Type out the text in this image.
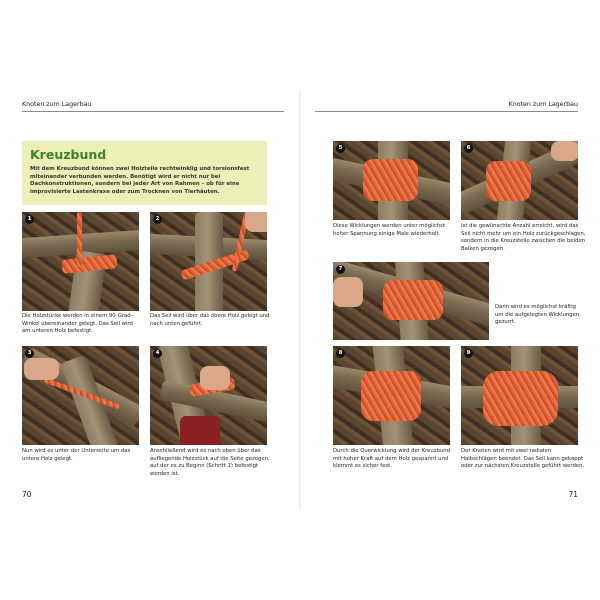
Knoten zum Lagerbau
Kreuzbund
Mit dem Kreuzbund können zwei Holzteile rechtwinklig und torsionsfest miteinander verbunden werden. Benötigt wird er nicht nur bei Dachkonstruktionen, sondern bei jeder Art von Rahmen – ob für eine improvisierte Lastenkraxe oder zum Trocknen von Tierhäuten.
1
Die Holzstücke werden in einem 90-Grad-Winkel übereinander gelegt. Das Seil wird am unteren Holz befestigt.
2
Das Seil wird über das obere Holz gelegt und nach unten geführt.
3
Nun wird es unter der Unterseite um das untere Holz gelegt.
4
Anschließend wird es nach oben über das aufliegende Holzstück auf die Seite gezogen, auf der es zu Beginn (Schritt 1) befestigt worden ist.
70
Knoten zum Lagerbau
5
Diese Wicklungen werden unter möglichst hoher Spannung einige Male wiederholt.
6
Ist die gewünschte Anzahl erreicht, wird das Seil nicht mehr um ein Holz zurückgeschlagen, sondern in die Kreuzstelle zwischen die beiden Balken gezogen.
7
Dann wird es möglichst kräftig um die aufgelegten Wicklungen gezurrt.
8
Durch die Querwicklung wird der Kreuzbund mit hoher Kraft auf dem Holz gespannt und klemmt es sicher fest.
9
Der Knoten wird mit zwei radialen Halbschlägen beendet. Das Seil kann gekappt oder zur nächsten Kreuzstelle geführt werden.
71
